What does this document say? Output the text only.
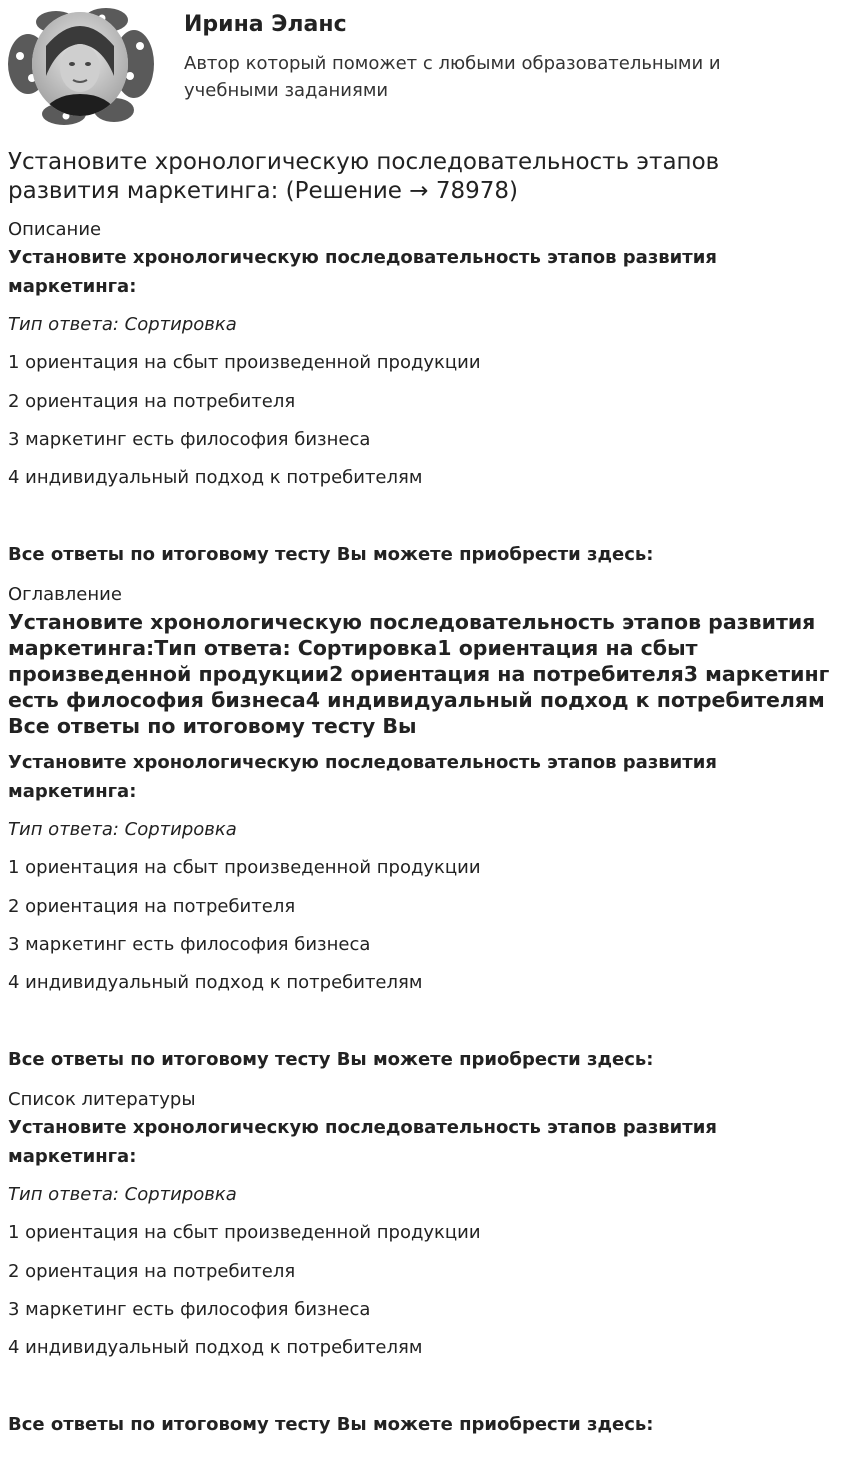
Ирина Эланс

Автор который поможет с любыми образовательными и учебными заданиями

Установите хронологическую последовательность этапов развития маркетинга: (Решение → 78978)

Описание

Установите хронологическую последовательность этапов развития маркетинга:

Тип ответа: Сортировка

1 ориентация на сбыт произведенной продукции

2 ориентация на потребителя

3 маркетинг есть философия бизнеса

4 индивидуальный подход к потребителям

Все ответы по итоговому тесту Вы можете приобрести здесь:

Оглавление

Установите хронологическую последовательность этапов развития маркетинга:Тип ответа: Сортировка1 ориентация на сбыт произведенной продукции2 ориентация на потребителя3 маркетинг есть философия бизнеса4 индивидуальный подход к потребителям Все ответы по итоговому тесту Вы

Установите хронологическую последовательность этапов развития маркетинга:

Тип ответа: Сортировка

1 ориентация на сбыт произведенной продукции

2 ориентация на потребителя

3 маркетинг есть философия бизнеса

4 индивидуальный подход к потребителям

Все ответы по итоговому тесту Вы можете приобрести здесь:

Список литературы

Установите хронологическую последовательность этапов развития маркетинга:

Тип ответа: Сортировка

1 ориентация на сбыт произведенной продукции

2 ориентация на потребителя

3 маркетинг есть философия бизнеса

4 индивидуальный подход к потребителям

Все ответы по итоговому тесту Вы можете приобрести здесь:
